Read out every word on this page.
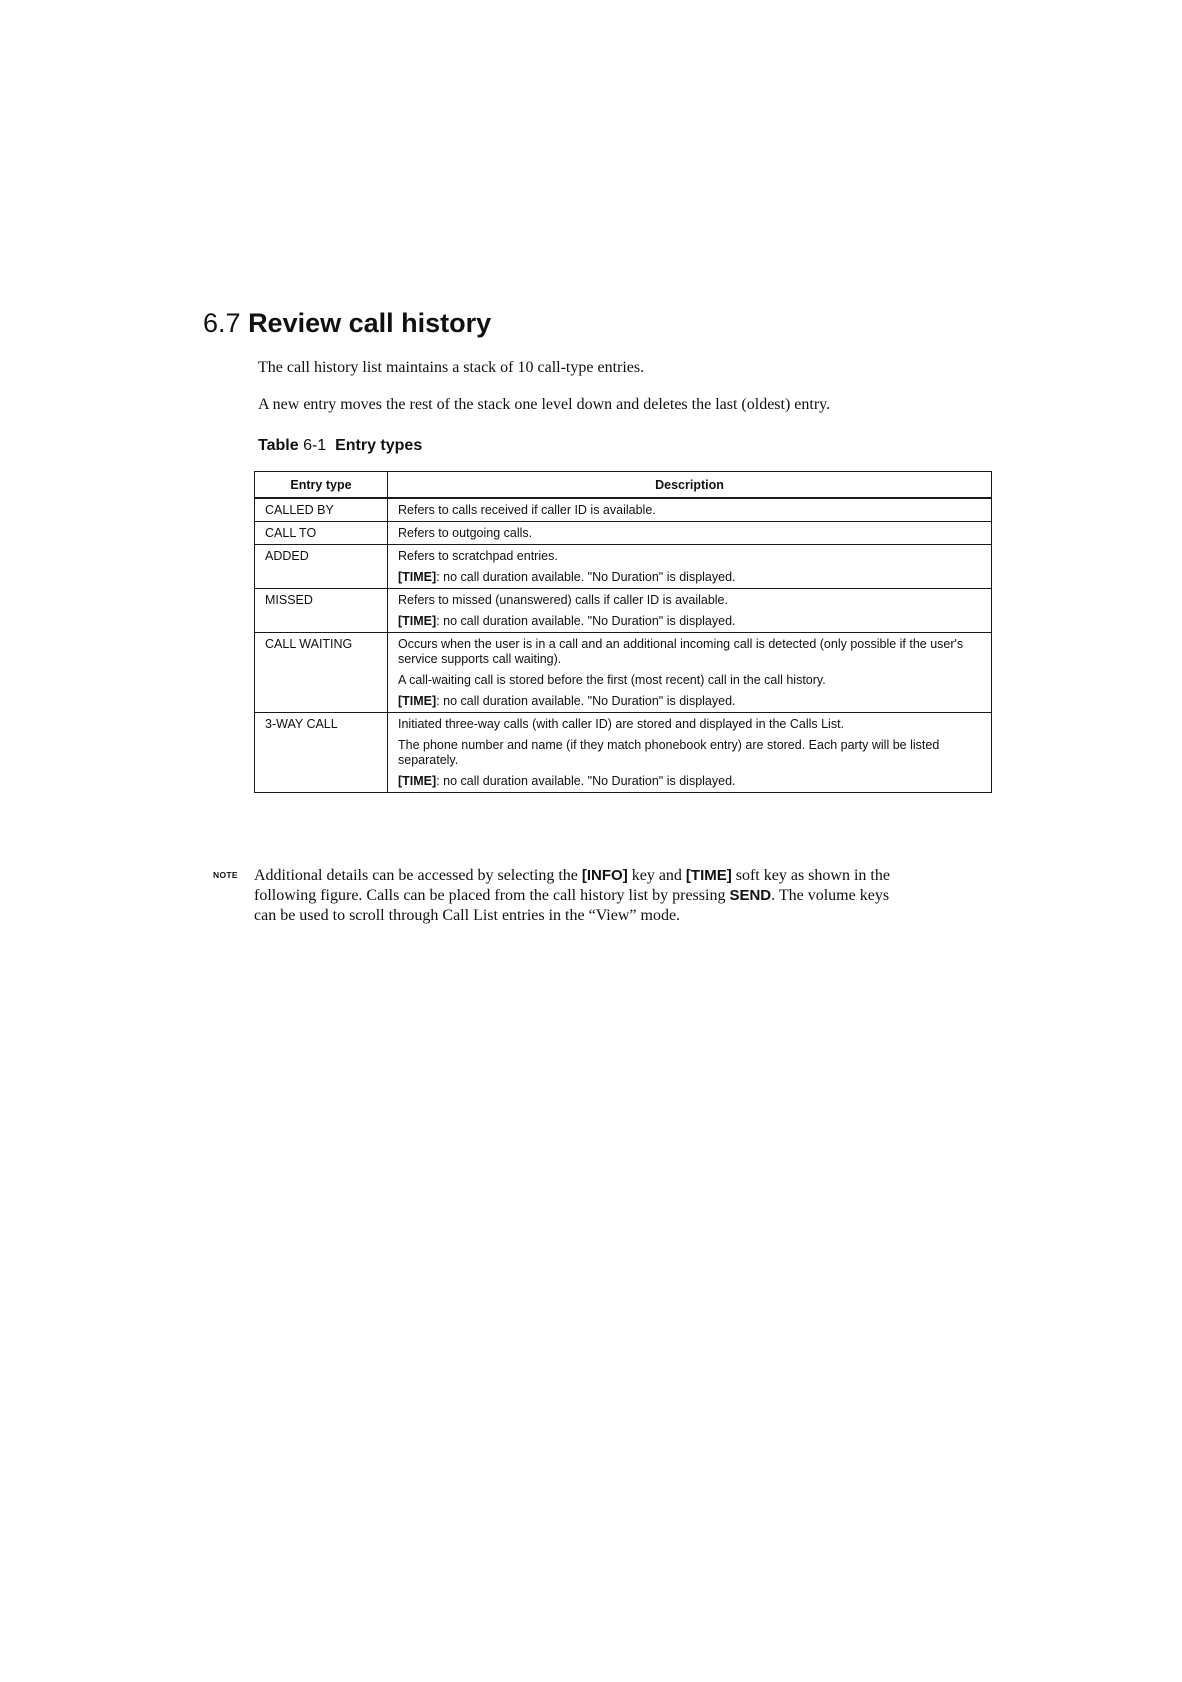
6.7 Review call history

The call history list maintains a stack of 10 call-type entries.

A new entry moves the rest of the stack one level down and deletes the last (oldest) entry.

Table 6-1 Entry types

Entry type	Description
CALLED BY	Refers to calls received if caller ID is available.

CALL TO	Refers to outgoing calls.

ADDED	Refers to scratchpad entries.
[TIME]: no call duration available. "No Duration" is displayed.

MISSED	Refers to missed (unanswered) calls if caller ID is available.
[TIME]: no call duration available. "No Duration" is displayed.

CALL WAITING	Occurs when the user is in a call and an additional incoming call is detected (only possible if the user's service supports call waiting).
A call-waiting call is stored before the first (most recent) call in the call history.
[TIME]: no call duration available. "No Duration" is displayed.

3-WAY CALL	Initiated three-way calls (with caller ID) are stored and displayed in the Calls List.
The phone number and name (if they match phonebook entry) are stored. Each party will be listed separately.
[TIME]: no call duration available. "No Duration" is displayed.
NOTE Additional details can be accessed by selecting the [INFO] key and [TIME] soft key as shown in the
following figure. Calls can be placed from the call history list by pressing SEND. The volume keys
can be used to scroll through Call List entries in the “View” mode.
